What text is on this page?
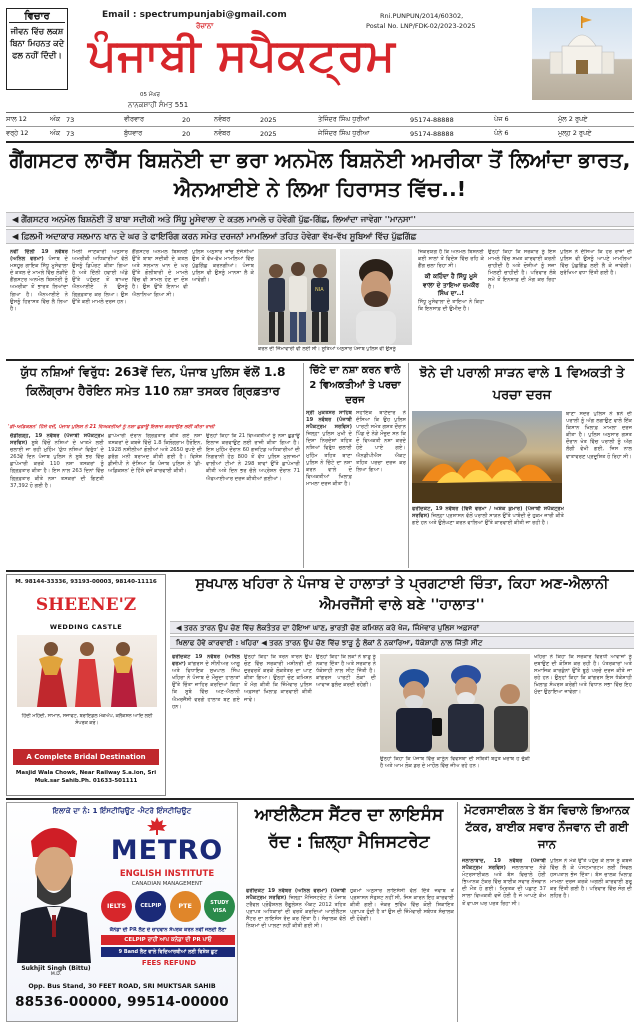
ਵਿਚਾਰ
ਜੀਵਨ ਵਿੱਚ ਲਕਸ਼ ਬਿਨਾ ਮਿਹਨਤ ਕਦੇ ਫਲ ਨਹੀਂ ਦਿੰਦੀ।
Email : spectrumpunjabi@gmail.com
ਰੋਜ਼ਾਨਾ
ਪੰਜਾਬੀ ਸਪੈਕਟ੍ਰਮ
Rni.PUNPUN/2014/60302,
Postal No. LNP/FDK-02/2023-2025
05 ਮੰਘਰ
ਨਾਨਕਸ਼ਾਹੀ ਸੰਮਤ 551
ਸਾਲ 12	ਅੰਕ 73	ਵੀਰਵਾਰ	20	ਨਵੰਬਰ	2025	ਤੇਜਿੰਦਰ ਸਿੰਘ ਧੁਰੀਆਂ	95174-88888	ਪੇਜ 6	ਮੁੱਲ 2 ਰੁਪਏ
ਵਰ੍ਹੇ 12	ਅੰਕ 73	ਬੁੱਧਵਾਰ	20	ਨਵੰਬਰ	2025	ਜੇਜਿੰਦਰ ਸਿੰਘ ਧੁਰੀਆ	95174-88888	ਪੰਨੇ 6	ਮੁਲ੍ਹ 2 ਰੁਪਏ
ਗੈਂਗਸਟਰ ਲਾਰੈਂਸ ਬਿਸ਼ਨੋਈ ਦਾ ਭਰਾ ਅਨਮੋਲ ਬਿਸ਼ਨੋਈ ਅਮਰੀਕਾ ਤੋਂ ਲਿਆਂਦਾ ਭਾਰਤ, ਐਨਆਈਏ ਨੇ ਲਿਆ ਹਿਰਾਸਤ ਵਿੱਚ..!
◀ ਗੈਂਗਸਟਰ ਅਨਮੋਲ ਬਿਸ਼ਨੋਈ ਤੋਂ ਬਾਬਾ ਸਦੀਕੀ ਅਤੇ ਸਿੱਧੂ ਮੂਸੇਵਾਲਾ ਦੇ ਕਤਲ ਮਾਮਲੇ ਚ ਹੋਵੇਗੀ ਪੁੱਛ-ਗਿੱਛ, ਲਿਆਂਦਾ ਜਾਵੇਗਾ ''ਮਾਨਸਾ''
◀ ਫ਼ਿਲਮੀ ਅਦਾਕਾਰ ਸਲਮਾਨ ਖਾਨ ਦੇ ਘਰ ਤੇ ਫਾਇਰਿੰਗ ਕਰਨ ਸਮੇਤ ਦਰਜਨਾਂ ਮਾਮਲਿਆਂ ਤਹਿਤ ਹੋਵੇਗਾ ਵੱਖ-ਵੱਖ ਸੂਬਿਆਂ ਵਿੱਚ ਪੁੱਛਗਿੱਛ
ਨਵੀਂ ਦਿੱਲੀ 19 ਨਵੰਬਰ (ਅਨਿਲ ਵਰਮਾ) ਪੰਜਾਬ ਦੇ ਮਸ਼ਹੂਰ ਗਾਇਕ ਸਿੱਧੂ ਮੂਸੇਵਾਲਾ ਦੇ ਕਤਲ ਦੇ ਮਾਮਲੇ ਵਿੱਚ ਲੋੜੀਂਦੇ ਗੈਂਗਸਟਰ ਅਨਮੋਲ ਬਿਸ਼ਨੋਈ ਨੂੰ ਅਮਰੀਕਾ ਤੋਂ ਭਾਰਤ ਲਿਆਂਦਾ ਗਿਆ ਹੈ। ਐਨਆਈਏ ਨੇ ਉਸਨੂੰ ਹਿਰਾਸਤ ਵਿੱਚ ਲੈ ਲਿਆ ਹੈ।
ਮਿਲੀ ਜਾਣਕਾਰੀ ਅਨੁਸਾਰ ਅਮਰੀਕੀ ਅਧਿਕਾਰੀਆਂ ਵੱਲੋਂ ਉਸਨੂੰ ਡਿਪੋਰਟ ਕੀਤਾ ਗਿਆ ਹੈ ਅਤੇ ਦਿੱਲੀ ਹਵਾਈ ਅੱਡੇ ਉੱਤੇ ਪਹੁੰਚਣ ਤੋਂ ਬਾਅਦ ਐਨਆਈਏ ਨੇ ਉਸਨੂੰ ਗ੍ਰਿਫ਼ਤਾਰ ਕਰ ਲਿਆ। ਉਸ ਉੱਤੇ ਕਈ ਮਾਮਲੇ ਦਰਜ ਹਨ।
ਗੈਂਗਸਟਰ ਅਨਮੋਲ ਬਿਸ਼ਨੋਈ ਉੱਤੇ ਬਾਬਾ ਸਦੀਕੀ ਦੇ ਕਤਲ ਅਤੇ ਸਲਮਾਨ ਖਾਨ ਦੇ ਘਰ ਉੱਤੇ ਗੋਲੀਬਾਰੀ ਦੇ ਮਾਮਲੇ ਵਿੱਚ ਵੀ ਸ਼ਾਮਲ ਹੋਣ ਦਾ ਦੋਸ਼ ਹੈ। ਉਸ ਉੱਤੇ ਇਨਾਮ ਵੀ ਐਲਾਨਿਆ ਗਿਆ ਸੀ।
ਪੁਲਿਸ ਅਨੁਸਾਰ ਜਾਂਚ ਏਜੰਸੀਆਂ ਉਸ ਤੋਂ ਵੱਖ-ਵੱਖ ਮਾਮਲਿਆਂ ਵਿੱਚ ਪੁੱਛਗਿੱਛ ਕਰਨਗੀਆਂ। ਪੰਜਾਬ ਪੁਲਿਸ ਵੀ ਉਸਨੂੰ ਮਾਨਸਾ ਲੈ ਕੇ ਆਵੇਗੀ।
NIA
ਕਰਨ ਦੀ ਜਿੰਮਾਵਾਰੀ ਵੀ ਲਈ ਸੀ। ਸੂਤਿਆਂ ਅਨੁਸਾਰ ਪੰਜਾਬ ਪੁਲਿਸ ਵੀ ਉਸਨੂੰ
ਜ਼ਿਕਰਯੋਗ ਹੈ ਕਿ ਅਨਮੋਲ ਬਿਸ਼ਨੋਈ ਕਈ ਸਾਲਾਂ ਤੋਂ ਵਿਦੇਸ਼ ਵਿੱਚ ਰਹਿ ਕੇ ਗੈਂਗ ਚਲਾ ਰਿਹਾ ਸੀ।
ਕੀ ਕਹਿੰਦਾ ਹੈ ਸਿੱਧੂ ਮੂਸੇ ਵਾਲਾ ਦੇ ਤਾਇਆ ਚਮਕੌਰ ਸਿੰਘ ਦਾ..!
ਸਿੱਧੂ ਮੂਸੇਵਾਲਾ ਦੇ ਤਾਇਆ ਨੇ ਕਿਹਾ ਕਿ ਇਨਸਾਫ਼ ਦੀ ਉਮੀਦ ਹੈ।
ਉਨ੍ਹਾਂ ਕਿਹਾ ਕਿ ਸਰਕਾਰ ਨੂੰ ਇਸ ਮਾਮਲੇ ਵਿੱਚ ਸਖ਼ਤ ਕਾਰਵਾਈ ਕਰਨੀ ਚਾਹੀਦੀ ਹੈ ਅਤੇ ਦੋਸ਼ੀਆਂ ਨੂੰ ਸਜ਼ਾ ਮਿਲਣੀ ਚਾਹੀਦੀ ਹੈ। ਪਰਿਵਾਰ ਲੰਬੇ ਸਮੇਂ ਤੋਂ ਇਨਸਾਫ਼ ਦੀ ਮੰਗ ਕਰ ਰਿਹਾ ਹੈ।
ਪੁਲਿਸ ਨੇ ਦੱਸਿਆ ਕਿ ਹੋਰ ਰਾਜਾਂ ਦੀ ਪੁਲਿਸ ਵੀ ਉਸਨੂੰ ਆਪਣੇ ਮਾਮਲਿਆਂ ਵਿੱਚ ਪੁੱਛਗਿੱਛ ਲਈ ਲੈ ਕੇ ਜਾਵੇਗੀ। ਸੁਰੱਖਿਆ ਵਧਾ ਦਿੱਤੀ ਗਈ ਹੈ।
ਯੁੱਧ ਨਸ਼ਿਆਂ ਵਿਰੁੱਧ: 263ਵੇਂ ਦਿਨ, ਪੰਜਾਬ ਪੁਲਿਸ ਵੱਲੋਂ 1.8 ਕਿਲੋਗ੍ਰਾਮ ਹੈਰੋਇਨ ਸਮੇਤ 110 ਨਸ਼ਾ ਤਸਕਰ ਗ੍ਰਿਫ਼ਤਾਰ
'ਡੀ-ਅਡਿਕਸ਼ਨ' ਹਿੱਸੇ ਵਜੋਂ, ਪੰਜਾਬ ਪੁਲਿਸ ਨੇ 21 ਵਿਅਕਤੀਆਂ ਨੂੰ ਨਸ਼ਾ ਛੁਡਾਊ ਇਲਾਜ ਕਰਵਾਉਣ ਲਈ ਕੀਤਾ ਰਾਜ਼ੀ
ਚੰਡੀਗੜ੍ਹ, 19 ਨਵੰਬਰ (ਪੰਜਾਬੀ ਸਪੈਕਟ੍ਰਮ ਸਰਵਿਸ) ਸੂਬੇ ਵਿੱਚੋਂ ਨਸ਼ਿਆਂ ਦੇ ਖਾਤਮੇ ਲਈ ਚਲਾਈ ਜਾ ਰਹੀ ਮੁਹਿੰਮ 'ਯੁੱਧ ਨਸ਼ਿਆਂ ਵਿਰੁੱਧ' ਦੇ 263ਵੇਂ ਦਿਨ ਪੰਜਾਬ ਪੁਲਿਸ ਨੇ ਸੂਬੇ ਭਰ ਵਿੱਚ ਛਾਪੇਮਾਰੀ ਕਰਕੇ 110 ਨਸ਼ਾ ਤਸਕਰਾਂ ਨੂੰ ਗ੍ਰਿਫ਼ਤਾਰ ਕੀਤਾ ਹੈ। ਇਸ ਨਾਲ 263 ਦਿਨਾਂ ਵਿੱਚ ਗ੍ਰਿਫ਼ਤਾਰ ਕੀਤੇ ਨਸ਼ਾ ਤਸਕਰਾਂ ਦੀ ਗਿਣਤੀ 37,392 ਹੋ ਗਈ ਹੈ।
ਛਾਪੇਮਾਰੀ ਦੌਰਾਨ ਗ੍ਰਿਫ਼ਤਾਰ ਕੀਤੇ ਗਏ ਨਸ਼ਾ ਤਸਕਰਾਂ ਦੇ ਕਬਜ਼ੇ ਵਿੱਚੋਂ 1.8 ਕਿਲੋਗ੍ਰਾਮ ਹੈਰੋਇਨ, 1928 ਨਸ਼ੀਲੀਆਂ ਗੋਲੀਆਂ ਅਤੇ 2650 ਰੁਪਏ ਦੀ ਡਰੱਗ ਮਨੀ ਬਰਾਮਦ ਕੀਤੀ ਗਈ ਹੈ। ਵਿਸ਼ੇਸ਼ ਡੀਜੀਪੀ ਨੇ ਦੱਸਿਆ ਕਿ ਪੰਜਾਬ ਪੁਲਿਸ ਨੇ 'ਡੀ-ਅਡਿਕਸ਼ਨ' ਦੇ ਹਿੱਸੇ ਵਜੋਂ ਕਾਰਵਾਈ ਕੀਤੀ।
ਉਨ੍ਹਾਂ ਕਿਹਾ ਕਿ 21 ਵਿਅਕਤੀਆਂ ਨੂੰ ਨਸ਼ਾ ਛੁਡਾਊ ਇਲਾਜ ਕਰਵਾਉਣ ਲਈ ਰਾਜ਼ੀ ਕੀਤਾ ਗਿਆ ਹੈ। ਇਸ ਮੁਹਿੰਮ ਦੌਰਾਨ 60 ਗਜ਼ਟਿਡ ਅਧਿਕਾਰੀਆਂ ਦੀ ਨਿਗਰਾਨੀ ਹੇਠ 800 ਤੋਂ ਵੱਧ ਪੁਲਿਸ ਮੁਲਾਜ਼ਮਾਂ ਵਾਲੀਆਂ ਟੀਮਾਂ ਨੇ 298 ਥਾਵਾਂ ਉੱਤੇ ਛਾਪੇਮਾਰੀ ਕੀਤੀ ਅਤੇ ਦਿਨ ਭਰ ਚੱਲੇ ਅਪ੍ਰੇਸ਼ਨ ਦੌਰਾਨ 71 ਐਫਆਈਆਰ ਦਰਜ ਕੀਤੀਆਂ ਗਈਆਂ।
ਚਿੱਟੇ ਦਾ ਨਸ਼ਾ ਕਰਨ ਵਾਲੇ 2 ਵਿਅਕਤੀਆਂ ਤੇ ਪਰਚਾ ਦਰਜ
ਸ੍ਰੀ ਮੁਕਤਸਰ ਸਾਹਿਬ 19 ਨਵੰਬਰ (ਪੰਜਾਬੀ ਸਪੈਕਟ੍ਰਮ ਸਰਵਿਸ) ਜ਼ਿਲ੍ਹਾ ਪੁਲਿਸ ਮੁਖੀ ਦੇ ਦਿਸ਼ਾ ਨਿਰਦੇਸ਼ਾਂ ਤਹਿਤ ਨਸ਼ਿਆਂ ਵਿਰੁੱਧ ਚਲਾਈ ਮੁਹਿੰਮ ਤਹਿਤ ਥਾਣਾ ਪੁਲਿਸ ਨੇ ਚਿੱਟੇ ਦਾ ਨਸ਼ਾ ਕਰਨ ਵਾਲੇ ਦੋ ਵਿਅਕਤੀਆਂ ਖਿਲਾਫ਼ ਮਾਮਲਾ ਦਰਜ ਕੀਤਾ ਹੈ।
ਸਹਾਇਕ ਥਾਣੇਦਾਰ ਨੇ ਦੱਸਿਆ ਕਿ ਉਹ ਪੁਲਿਸ ਪਾਰਟੀ ਸਮੇਤ ਗਸ਼ਤ ਦੌਰਾਨ ਪਿੰਡ ਦੇ ਨੇੜੇ ਮੌਜੂਦ ਸਨ ਕਿ ਦੋ ਵਿਅਕਤੀ ਨਸ਼ਾ ਕਰਦੇ ਹੋਏ ਪਾਏ ਗਏ। ਐਨਡੀਪੀਐਸ ਐਕਟ ਤਹਿਤ ਪਰਚਾ ਦਰਜ ਕਰ ਲਿਆ ਗਿਆ।
ਝੋਨੇ ਦੀ ਪਰਾਲੀ ਸਾੜਨ ਵਾਲੇ 1 ਵਿਅਕਤੀ ਤੇ ਪਰਚਾ ਦਰਜ
ਥਾਣਾ ਸਦਰ ਪੁਲਿਸ ਨੇ ਝੋਨੇ ਦੀ ਪਰਾਲੀ ਨੂੰ ਅੱਗ ਲਗਾਉਣ ਵਾਲੇ ਇੱਕ ਕਿਸਾਨ ਖਿਲਾਫ਼ ਮਾਮਲਾ ਦਰਜ ਕੀਤਾ ਹੈ। ਪੁਲਿਸ ਅਨੁਸਾਰ ਗਸ਼ਤ ਦੌਰਾਨ ਖੇਤ ਵਿੱਚ ਪਰਾਲੀ ਨੂੰ ਅੱਗ ਲੱਗੀ ਵੇਖੀ ਗਈ, ਜਿਸ ਨਾਲ ਵਾਤਾਵਰਣ ਪ੍ਰਦੂਸ਼ਿਤ ਹੋ ਰਿਹਾ ਸੀ।
ਫਰੀਦਕੋਟ, 19 ਨਵੰਬਰ (ਵਿਜੈ ਵਰਮਾ / ਅਸ਼ੋਕ ਕੁਮਾਰ) (ਪੰਜਾਬੀ ਸਪੈਕਟ੍ਰਮ ਸਰਵਿਸ) ਜ਼ਿਲ੍ਹਾ ਪ੍ਰਸ਼ਾਸਨ ਵੱਲੋਂ ਪਰਾਲੀ ਸਾੜਨ ਉੱਤੇ ਪਾਬੰਦੀ ਦੇ ਹੁਕਮ ਜਾਰੀ ਕੀਤੇ ਗਏ ਹਨ ਅਤੇ ਉਲੰਘਣਾ ਕਰਨ ਵਾਲਿਆਂ ਉੱਤੇ ਕਾਰਵਾਈ ਕੀਤੀ ਜਾ ਰਹੀ ਹੈ।
M. 98144-33336, 93193-00003, 98140-11116
SHEENE'Z
WEDDING CASTLE
ਹਿੰਦੀ ਮਹਿੰਦੀ, ਸਾਮਾਨ, ਸਜਾਵਟ, ਬਰਾਇਡਲ ਮੇਕਅੱਪ, ਕਲੈਕਸ਼ਨ ਆਦਿ ਲਈ ਸੰਪਰਕ ਕਰੋ।
A Complete Bridal Destination
Masjid Wala Chowk, Near Railway S.a.ion, Sri Muk.sar Sahib.Ph. 01633-501111
ਸੁਖਪਾਲ ਖਹਿਰਾ ਨੇ ਪੰਜਾਬ ਦੇ ਹਾਲਾਤਾਂ ਤੇ ਪ੍ਰਗਟਾਈ ਚਿੰਤਾ, ਕਿਹਾ ਅਣ-ਐਲਾਨੀ ਐਮਰਜੈਂਸੀ ਵਾਲੇ ਬਣੇ ''ਹਾਲਾਤ''
◀ ਤਰਨ ਤਾਰਨ ਉਪ ਚੋਣ ਵਿੱਚ ਲੋਕਤੰਤਰ ਦਾ ਹੋਇਆ ਘਾਣ, ਭਾਰਤੀ ਚੋਣ ਕਮਿਸ਼ਨ ਕਰੇ ਖੋਜ, ਜਿੰਮੇਵਾਰ ਪੁਲਿਸ ਅਫ਼ਸਰਾਂ
ਖਿਲਾਫ ਹੋਵੇ ਕਾਰਵਾਈ : ਖਹਿਰਾ ◀ ਤਰਨ ਤਾਰਨ ਉਪ ਚੋਣ ਵਿੱਚ ਝਾੜੂ ਨੂੰ ਲੋਕਾਂ ਨੇ ਨਕਾਰਿਆ, ਧੱਕੇਸ਼ਾਹੀ ਨਾਲ ਜਿੱਤੀ ਸੀਟ
ਫਰੀਦਕੋਟ 19 ਨਵੰਬਰ (ਅਨਿਲ ਵਰਮਾ) ਕਾਂਗਰਸ ਦੇ ਸੀਨੀਅਰ ਆਗੂ ਅਤੇ ਵਿਧਾਇਕ ਸੁਖਪਾਲ ਸਿੰਘ ਖਹਿਰਾ ਨੇ ਪੰਜਾਬ ਦੇ ਮੌਜੂਦਾ ਹਾਲਾਤਾਂ ਉੱਤੇ ਚਿੰਤਾ ਜ਼ਾਹਿਰ ਕਰਦਿਆਂ ਕਿਹਾ ਕਿ ਸੂਬੇ ਵਿੱਚ ਅਣ-ਐਲਾਨੀ ਐਮਰਜੈਂਸੀ ਵਰਗੇ ਹਾਲਾਤ ਬਣ ਗਏ ਹਨ।
ਉਨ੍ਹਾਂ ਕਿਹਾ ਕਿ ਤਰਨ ਤਾਰਨ ਉਪ ਚੋਣ ਵਿੱਚ ਸਰਕਾਰੀ ਮਸ਼ੀਨਰੀ ਦੀ ਦੁਰਵਰਤੋਂ ਕਰਕੇ ਲੋਕਤੰਤਰ ਦਾ ਘਾਣ ਕੀਤਾ ਗਿਆ। ਉਨ੍ਹਾਂ ਚੋਣ ਕਮਿਸ਼ਨ ਤੋਂ ਮੰਗ ਕੀਤੀ ਕਿ ਜ਼ਿੰਮੇਵਾਰ ਪੁਲਿਸ ਅਫ਼ਸਰਾਂ ਖ਼ਿਲਾਫ਼ ਕਾਰਵਾਈ ਕੀਤੀ ਜਾਵੇ।
ਉਨ੍ਹਾਂ ਕਿਹਾ ਕਿ ਲੋਕਾਂ ਨੇ ਝਾੜੂ ਨੂੰ ਨਕਾਰ ਦਿੱਤਾ ਹੈ ਅਤੇ ਸਰਕਾਰ ਨੇ ਧੱਕੇਸ਼ਾਹੀ ਨਾਲ ਸੀਟ ਜਿੱਤੀ ਹੈ। ਕਾਂਗਰਸ ਪਾਰਟੀ ਲੋਕਾਂ ਦੀ ਆਵਾਜ਼ ਬੁਲੰਦ ਕਰਦੀ ਰਹੇਗੀ।
ਉਨ੍ਹਾਂ ਕਿਹਾ ਕਿ ਪੰਜਾਬ ਵਿੱਚ ਕਾਨੂੰਨ ਵਿਵਸਥਾ ਦੀ ਸਥਿਤੀ ਬਹੁਤ ਖ਼ਰਾਬ ਹੋ ਚੁੱਕੀ ਹੈ ਅਤੇ ਆਮ ਲੋਕ ਡਰ ਦੇ ਮਾਹੌਲ ਵਿੱਚ ਜੀਅ ਰਹੇ ਹਨ।
ਖਹਿਰਾ ਨੇ ਕਿਹਾ ਕਿ ਸਰਕਾਰ ਵਿਰੋਧੀ ਆਵਾਜ਼ਾਂ ਨੂੰ ਦਬਾਉਣ ਦੀ ਕੋਸ਼ਿਸ਼ ਕਰ ਰਹੀ ਹੈ। ਪੱਤਰਕਾਰਾਂ ਅਤੇ ਸਮਾਜਿਕ ਕਾਰਕੁੰਨਾਂ ਉੱਤੇ ਝੂਠੇ ਪਰਚੇ ਦਰਜ ਕੀਤੇ ਜਾ ਰਹੇ ਹਨ। ਉਨ੍ਹਾਂ ਕਿਹਾ ਕਿ ਕਾਂਗਰਸ ਇਸ ਧੱਕੇਸ਼ਾਹੀ ਖ਼ਿਲਾਫ਼ ਸੰਘਰਸ਼ ਕਰੇਗੀ ਅਤੇ ਵਿਧਾਨ ਸਭਾ ਵਿੱਚ ਇਹ ਮੁੱਦਾ ਉਠਾਇਆ ਜਾਵੇਗਾ।
ਇਲਾਕੇ ਦਾ ਨੰ: 1 ਇੰਸਟੀਚਿਊਟ -ਮੈਟਰੋ ਇੰਸਟੀਚਿਊਟ
METRO
ENGLISH INSTITUTE
CANADIAN MANAGEMENT
IELTS	CELPIP	PTE	STUDY VISA
Sukhjit Singh (Bittu)
M.D.
ਕੈਨੇਡਾ ਦੀ PR ਲੈਣ ਦੇ ਚਾਹਵਾਨ ਸੰਪਰਕ ਕਰਨ ਨਵੀਂ ਜਲਦੀ ਲੈਣਾ
CELPIP ਰਾਹੀਂ ਆਪ ਕਨੇਡਾ ਦੀ PR ਪਾਓ
9 Band ਲੈਣ ਵਾਲੇ ਵਿਦਿਆਰਥੀਆਂ ਲਈ ਵਿਸ਼ੇਸ਼ ਛੂਟ
FEES REFUND
Opp. Bus Stand, 30 FEET ROAD, SRI MUKTSAR SAHIB
88536-00000, 99514-00000
ਆਈਲੈਟਸ ਸੈਂਟਰ ਦਾ ਲਾਇਸੰਸ ਰੱਦ : ਜ਼ਿਲ੍ਹਾ ਮੈਜਿਸਟਰੇਟ
ਫਰੀਦਕੋਟ 19 ਨਵੰਬਰ (ਅਨਿਲ ਵਰਮਾ) (ਪੰਜਾਬੀ ਸਪੈਕਟ੍ਰਮ ਸਰਵਿਸ) ਜ਼ਿਲ੍ਹਾ ਮੈਜਿਸਟਰੇਟ ਨੇ ਪੰਜਾਬ ਟਰੈਵਲ ਪ੍ਰੋਫੈਸ਼ਨਲ ਰੈਗੂਲੇਸ਼ਨ ਐਕਟ 2012 ਤਹਿਤ ਪ੍ਰਾਪਤ ਅਧਿਕਾਰਾਂ ਦੀ ਵਰਤੋਂ ਕਰਦਿਆਂ ਆਈਲੈਟਸ ਸੈਂਟਰ ਦਾ ਲਾਇਸੰਸ ਰੱਦ ਕਰ ਦਿੱਤਾ ਹੈ। ਸੰਚਾਲਕ ਵੱਲੋਂ ਨਿਯਮਾਂ ਦੀ ਪਾਲਣਾ ਨਹੀਂ ਕੀਤੀ ਗਈ ਸੀ।
ਹੁਕਮਾਂ ਅਨੁਸਾਰ ਲਾਇਸੰਸੀ ਵੱਲੋਂ ਦਿੱਤੇ ਜਵਾਬ ਤੋਂ ਪ੍ਰਸ਼ਾਸਨ ਸੰਤੁਸ਼ਟ ਨਹੀਂ ਸੀ, ਜਿਸ ਕਾਰਨ ਇਹ ਕਾਰਵਾਈ ਕੀਤੀ ਗਈ। ਜੇਕਰ ਭਵਿੱਖ ਵਿੱਚ ਕੋਈ ਸ਼ਿਕਾਇਤ ਪ੍ਰਾਪਤ ਹੁੰਦੀ ਹੈ ਤਾਂ ਉਸ ਦੀ ਜ਼ਿੰਮੇਵਾਰੀ ਸਬੰਧਤ ਸੰਚਾਲਕ ਦੀ ਹੋਵੇਗੀ।
ਮੋਟਰਸਾਈਕਲ ਤੇ ਬੱਸ ਵਿਚਾਲੇ ਭਿਆਨਕ ਟੱਕਰ, ਬਾਈਕ ਸਵਾਰ ਨੌਜਵਾਨ ਦੀ ਗਈ ਜਾਨ
ਜਲਾਲਾਬਾਦ, 19 ਨਵੰਬਰ (ਪੰਜਾਬੀ ਸਪੈਕਟ੍ਰਮ ਸਰਵਿਸ) ਜਲਾਲਾਬਾਦ ਨੇੜੇ ਮੋਟਰਸਾਈਕਲ ਅਤੇ ਬੱਸ ਵਿਚਾਲੇ ਹੋਈ ਭਿਆਨਕ ਟੱਕਰ ਵਿੱਚ ਬਾਈਕ ਸਵਾਰ ਨੌਜਵਾਨ ਦੀ ਮੌਤ ਹੋ ਗਈ। ਮ੍ਰਿਤਕ ਦੀ ਪਛਾਣ 37 ਸਾਲਾ ਵਿਅਕਤੀ ਵਜੋਂ ਹੋਈ ਹੈ ਜੋ ਆਪਣੇ ਕੰਮ ਤੋਂ ਵਾਪਸ ਘਰ ਪਰਤ ਰਿਹਾ ਸੀ।
ਪੁਲਿਸ ਨੇ ਮੌਕੇ ਉੱਤੇ ਪਹੁੰਚ ਕੇ ਲਾਸ਼ ਨੂੰ ਕਬਜ਼ੇ ਵਿੱਚ ਲੈ ਕੇ ਪੋਸਟਮਾਰਟਮ ਲਈ ਸਿਵਲ ਹਸਪਤਾਲ ਭੇਜ ਦਿੱਤਾ। ਬੱਸ ਚਾਲਕ ਖਿਲਾਫ਼ ਮਾਮਲਾ ਦਰਜ ਕਰਕੇ ਅਗਲੀ ਕਾਰਵਾਈ ਸ਼ੁਰੂ ਕਰ ਦਿੱਤੀ ਗਈ ਹੈ। ਪਰਿਵਾਰ ਵਿੱਚ ਸੋਗ ਦੀ ਲਹਿਰ ਹੈ।
